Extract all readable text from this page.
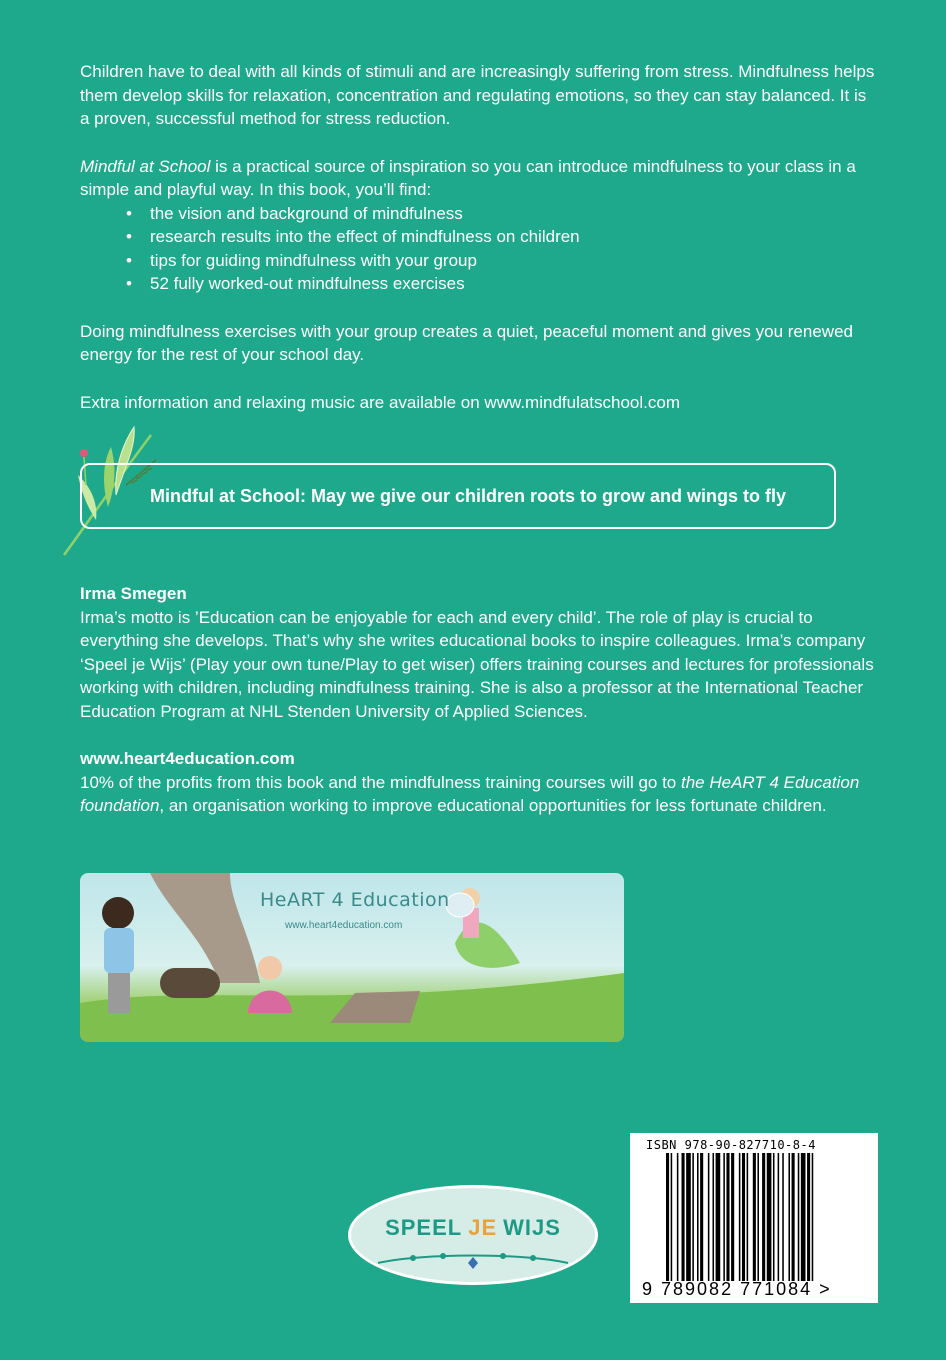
Children have to deal with all kinds of stimuli and are increasingly suffering from stress. Mindfulness helps them develop skills for relaxation, concentration and regulating emotions, so they can stay balanced. It is a proven, successful method for stress reduction.

Mindful at School is a practical source of inspiration so you can introduce mindfulness to your class in a simple and playful way. In this book, you’ll find:

• the vision and background of mindfulness
• research results into the effect of mindfulness on children
• tips for guiding mindfulness with your group
• 52 fully worked-out mindfulness exercises

Doing mindfulness exercises with your group creates a quiet, peaceful moment and gives you renewed energy for the rest of your school day.

Extra information and relaxing music are available on www.mindfulatschool.com

Mindful at School: May we give our children roots to grow and wings to fly

Irma Smegen

Irma’s motto is ’Education can be enjoyable for each and every child’. The role of play is crucial to everything she develops. That’s why she writes educational books to inspire colleagues. Irma’s company ‘Speel je Wijs’ (Play your own tune/Play to get wiser) offers training courses and lectures for professionals working with children, including mindfulness training. She is also a professor at the International Teacher Education Program at NHL Stenden University of Applied Sciences.

www.heart4education.com

10% of the profits from this book and the mindfulness training courses will go to the HeART 4 Education foundation, an organisation working to improve educational opportunities for less fortunate children.

HeART 4 Education
www.heart4education.com
SPEEL JE WIJS
ISBN 978-90-827710-8-4
9 789082 771084 >
